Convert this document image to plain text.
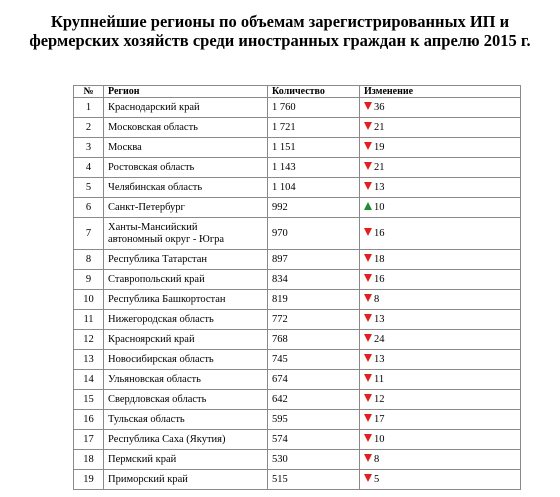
Крупнейшие регионы по объемам зарегистрированных ИП и фермерских хозяйств среди иностранных граждан к апрелю 2015 г.
№	Регион	Количество	Изменение
1	Краснодарский край	1 760	36
2	Московская область	1 721	21
3	Москва	1 151	19
4	Ростовская область	1 143	21
5	Челябинская область	1 104	13
6	Санкт-Петербург	992	10
7	Ханты-Мансийский автономный округ - Югра	970	16
8	Республика Татарстан	897	18
9	Ставропольский край	834	16
10	Республика Башкортостан	819	8
11	Нижегородская область	772	13
12	Красноярский край	768	24
13	Новосибирская область	745	13
14	Ульяновская область	674	11
15	Свердловская область	642	12
16	Тульская область	595	17
17	Республика Саха (Якутия)	574	10
18	Пермский край	530	8
19	Приморский край	515	5
